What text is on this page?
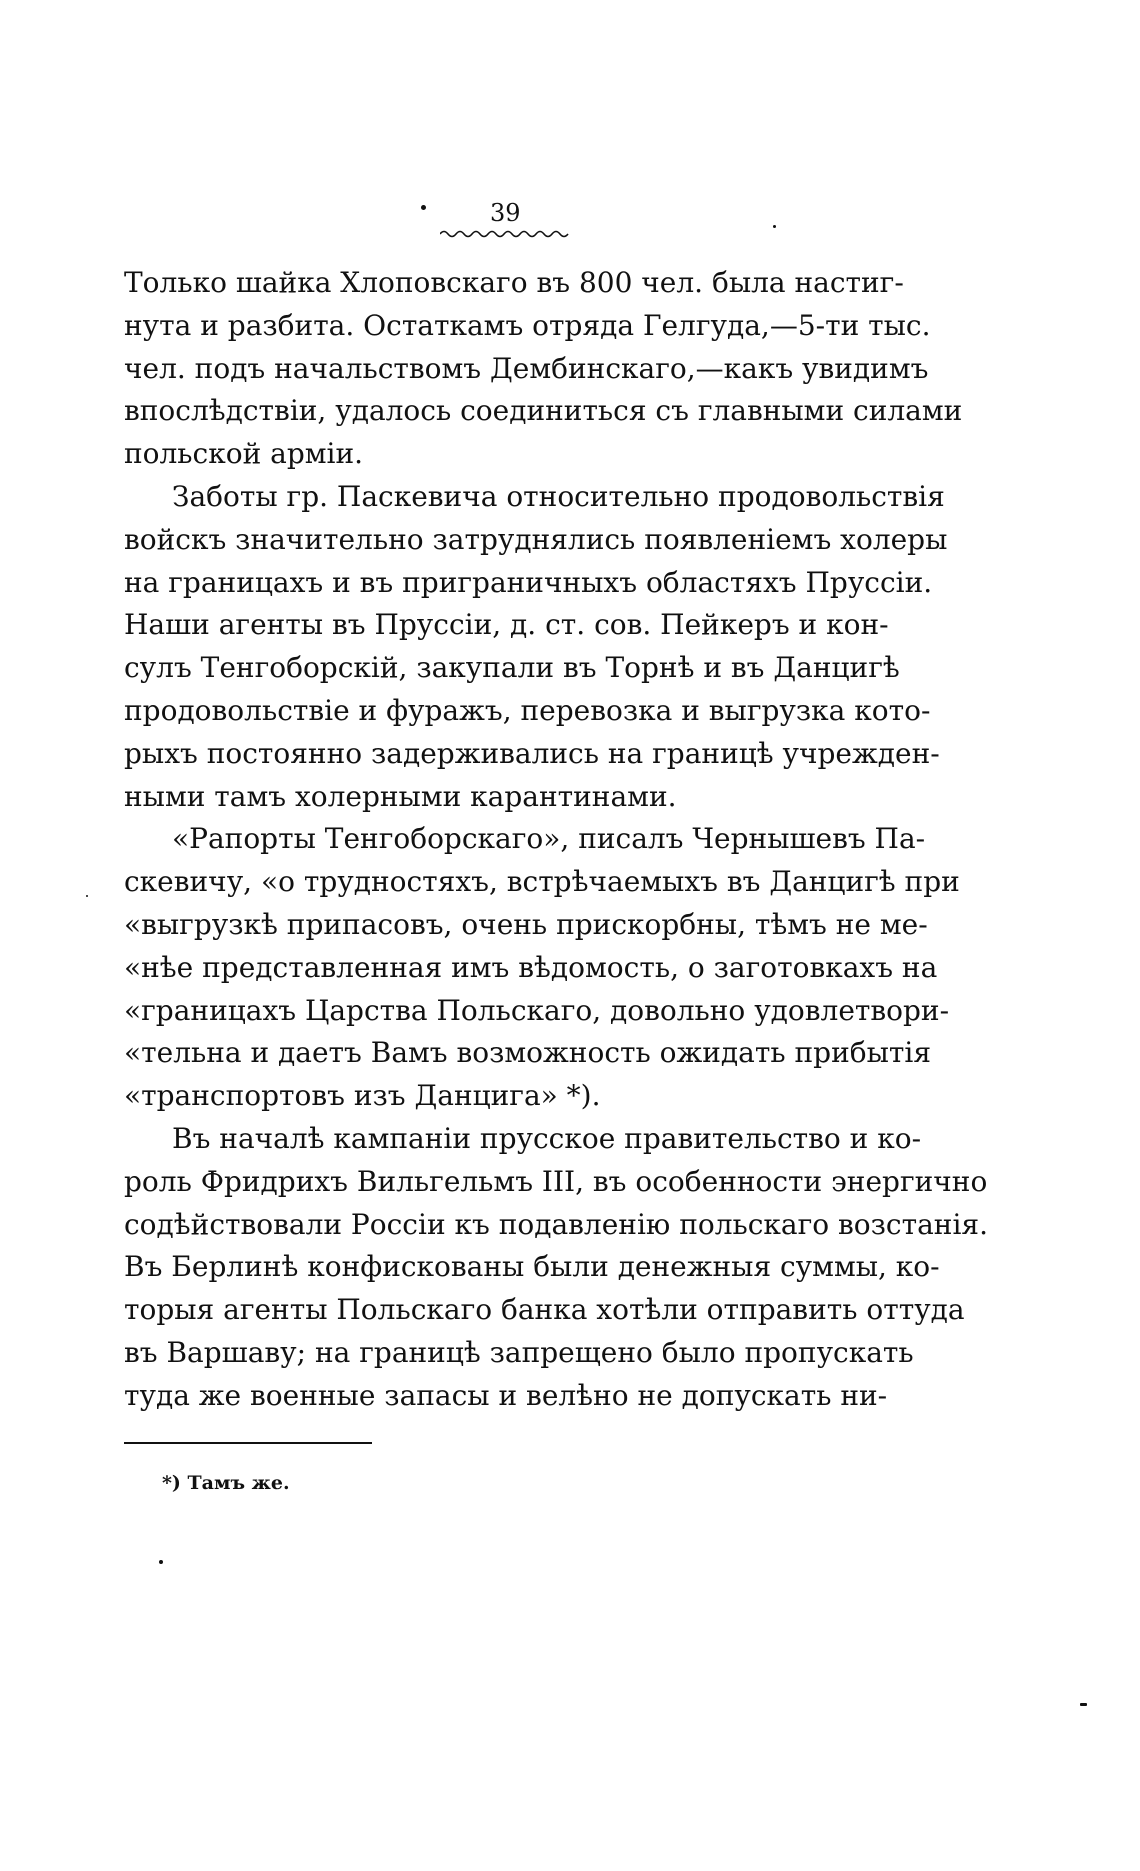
39
Только шайка Хлоповскаго въ 800 чел. была настиг-
нута и разбита. Остаткамъ отряда Гелгуда,—5-ти тыс.
чел. подъ начальствомъ Дембинскаго,—какъ увидимъ
впослѣдствіи, удалось соединиться съ главными силами
польской арміи.
Заботы гр. Паскевича относительно продовольствія
войскъ значительно затруднялись появленіемъ холеры
на границахъ и въ приграничныхъ областяхъ Пруссіи.
Наши агенты въ Пруссіи, д. ст. сов. Пейкеръ и кон-
сулъ Тенгоборскій, закупали въ Торнѣ и въ Данцигѣ
продовольствіе и фуражъ, перевозка и выгрузка кото-
рыхъ постоянно задерживались на границѣ учрежден-
ными тамъ холерными карантинами.
«Рапорты Тенгоборскаго», писалъ Чернышевъ Па-
скевичу, «о трудностяхъ, встрѣчаемыхъ въ Данцигѣ при
«выгрузкѣ припасовъ, очень прискорбны, тѣмъ не ме-
«нѣе представленная имъ вѣдомость, о заготовкахъ на
«границахъ Царства Польскаго, довольно удовлетвори-
«тельна и даетъ Вамъ возможность ожидать прибытія
«транспортовъ изъ Данцига» *).
Въ началѣ кампаніи прусское правительство и ко-
роль Фридрихъ Вильгельмъ III, въ особенности энергично
содѣйствовали Россіи къ подавленію польскаго возстанія.
Въ Берлинѣ конфискованы были денежныя суммы, ко-
торыя агенты Польскаго банка хотѣли отправить оттуда
въ Варшаву; на границѣ запрещено было пропускать
туда же военные запасы и велѣно не допускать ни-
*) Тамъ же.
